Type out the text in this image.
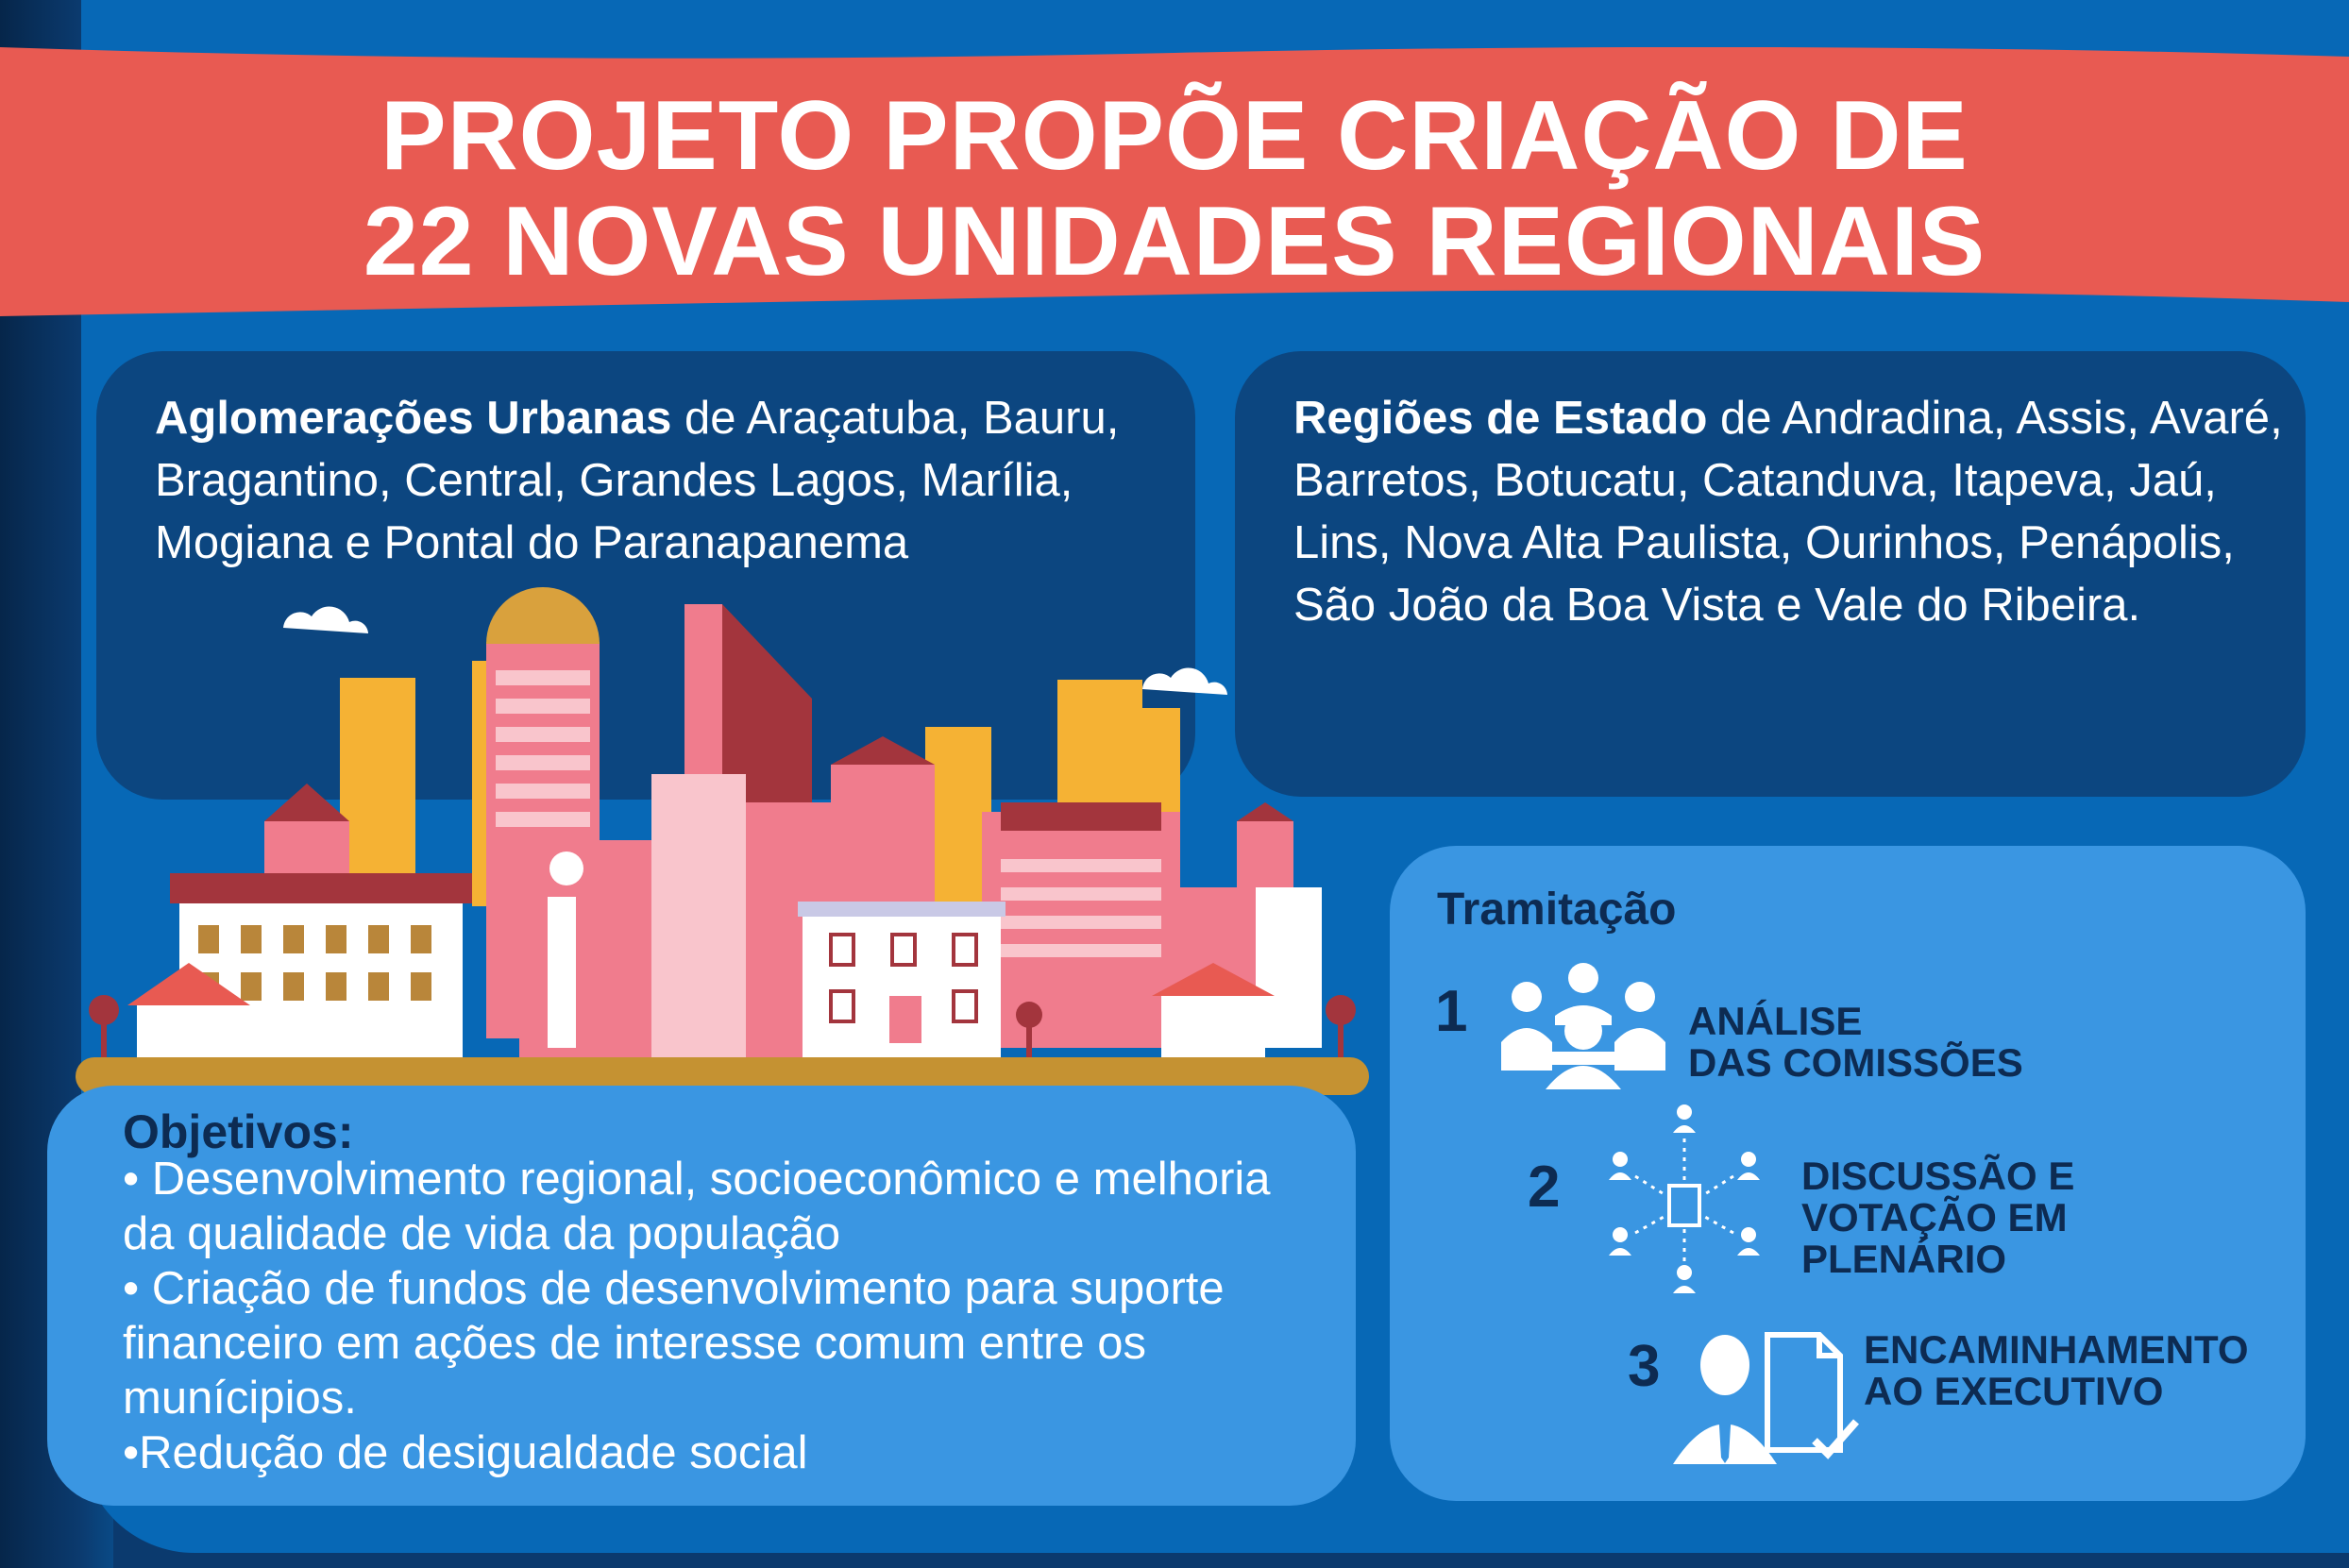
PROJETO PROPÕE CRIAÇÃO DE
22 NOVAS UNIDADES REGIONAIS
Aglomerações Urbanas de Araçatuba, Bauru, Bragantino, Central, Grandes Lagos, Marília, Mogiana e Pontal do Paranapanema
Regiões de Estado de Andradina, Assis, Avaré, Barretos, Botucatu, Catanduva, Itapeva, Jaú, Lins, Nova Alta Paulista, Ourinhos, Penápolis, São João da Boa Vista e Vale do Ribeira.
Objetivos:
• Desenvolvimento regional, socioeconômico e melhoria da qualidade de vida da população
• Criação de fundos de desenvolvimento para suporte financeiro em ações de interesse comum entre os munícipios.
•Redução de desigualdade social
Tramitação
1	ANÁLISE
DAS COMISSÕES
2	DISCUSSÃO E
VOTAÇÃO EM
PLENÁRIO
3	ENCAMINHAMENTO
AO EXECUTIVO
